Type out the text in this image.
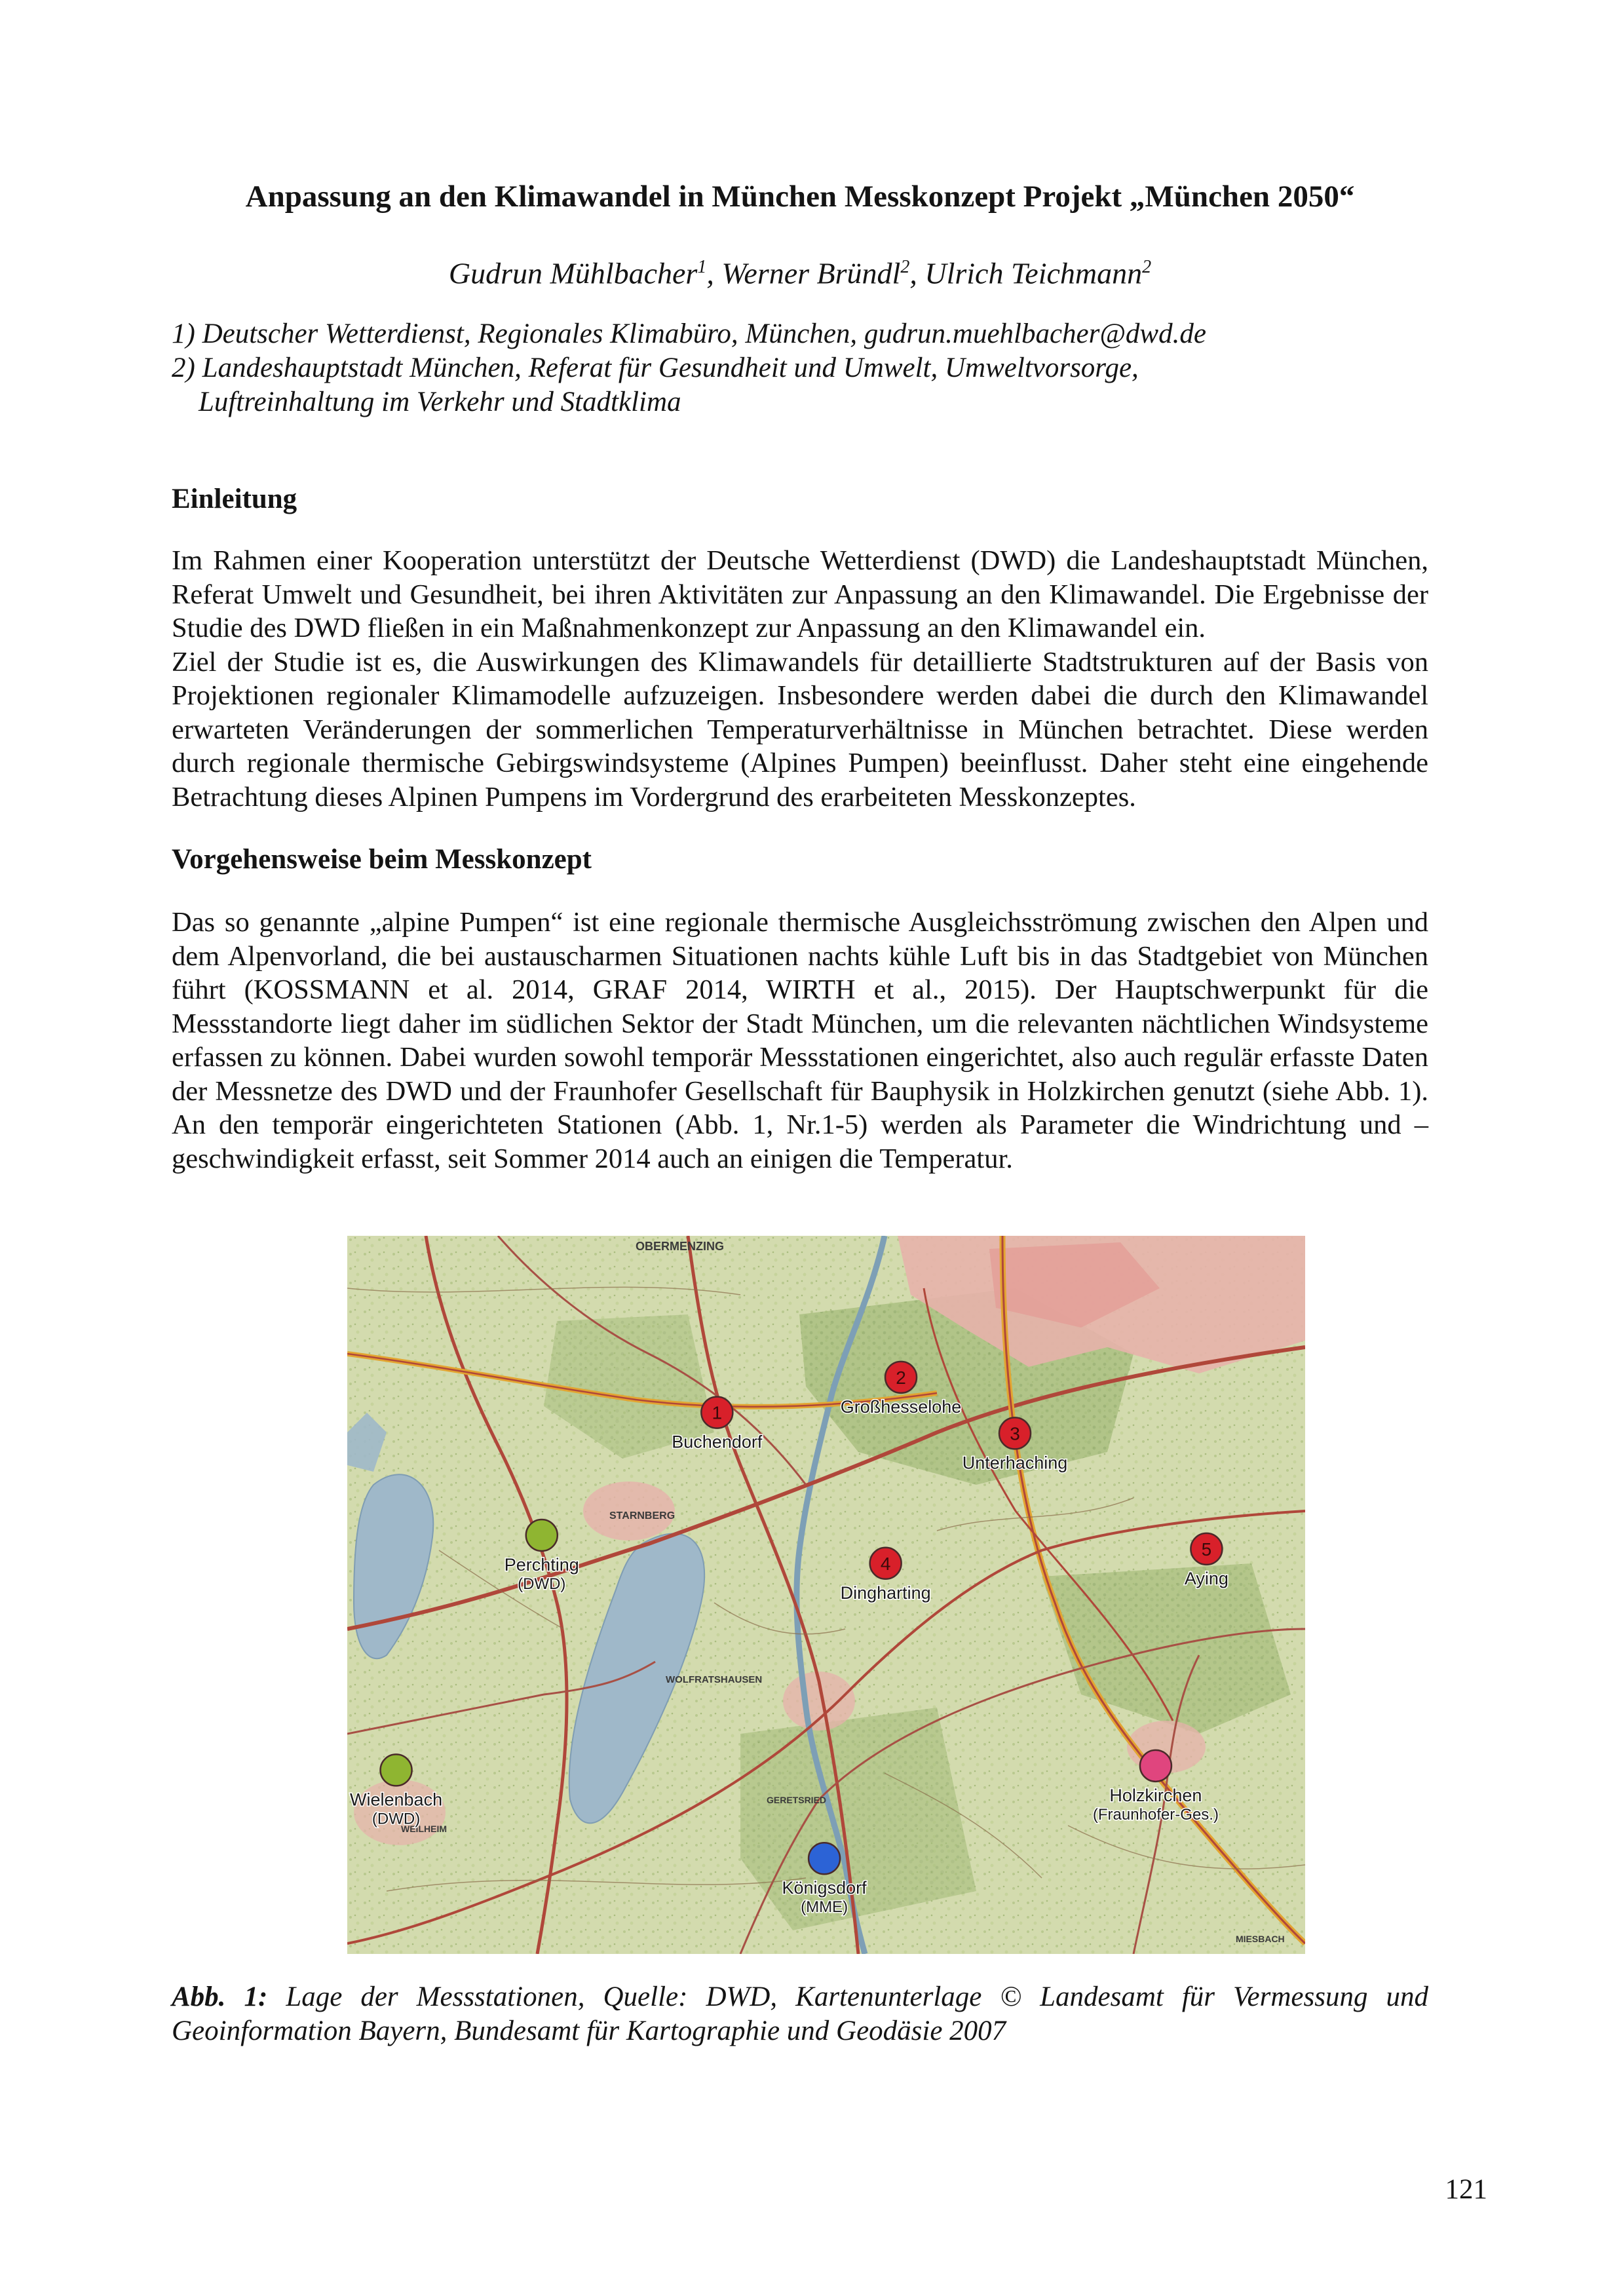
Anpassung an den Klimawandel in München Messkonzept Projekt „München 2050“
Gudrun Mühlbacher$^1$, Werner Bründl$^2$, Ulrich Teichmann$^2$
1) Deutscher Wetterdienst, Regionales Klimabüro, München, gudrun.muehlbacher@dwd.de
2) Landeshauptstadt München, Referat für Gesundheit und Umwelt, Umweltvorsorge,
Luftreinhaltung im Verkehr und Stadtklima
Einleitung

Im Rahmen einer Kooperation unterstützt der Deutsche Wetterdienst (DWD) die Landeshauptstadt München, Referat Umwelt und Gesundheit, bei ihren Aktivitäten zur Anpassung an den Klimawandel. Die Ergebnisse der Studie des DWD fließen in ein Maßnahmenkonzept zur Anpassung an den Klimawandel ein.

Ziel der Studie ist es, die Auswirkungen des Klimawandels für detaillierte Stadtstrukturen auf der Basis von Projektionen regionaler Klimamodelle aufzuzeigen. Insbesondere werden dabei die durch den Klimawandel erwarteten Veränderungen der sommerlichen Temperaturverhältnisse in München betrachtet. Diese werden durch regionale thermische Gebirgswindsysteme (Alpines Pumpen) beeinflusst. Daher steht eine eingehende Betrachtung dieses Alpinen Pumpens im Vordergrund des erarbeiteten Messkonzeptes.

Vorgehensweise beim Messkonzept

Das so genannte „alpine Pumpen“ ist eine regionale thermische Ausgleichsströmung zwischen den Alpen und dem Alpenvorland, die bei austauscharmen Situationen nachts kühle Luft bis in das Stadtgebiet von München führt (KOSSMANN et al. 2014, GRAF 2014, WIRTH et al., 2015). Der Hauptschwerpunkt für die Messstandorte liegt daher im südlichen Sektor der Stadt München, um die relevanten nächtlichen Windsysteme erfassen zu können. Dabei wurden sowohl temporär Messstationen eingerichtet, also auch regulär erfasste Daten der Messnetze des DWD und der Fraunhofer Gesellschaft für Bauphysik in Holzkirchen genutzt (siehe Abb. 1). An den temporär eingerichteten Stationen (Abb. 1, Nr.1-5) werden als Parameter die Windrichtung und –geschwindigkeit erfasst, seit Sommer 2014 auch an einigen die Temperatur.

OBERMENZING
STARNBERG
WOLFRATSHAUSEN
GERETSRIED
WEILHEIM
MIESBACH
1
Buchendorf
2
Großhesselohe
3
Unterhaching
4
Dingharting
5
Aying
Perchting
(DWD)
Wielenbach
(DWD)
Holzkirchen
(Fraunhofer-Ges.)
Königsdorf
(MME)
Abb. 1: Lage der Messstationen, Quelle: DWD, Kartenunterlage © Landesamt für Vermessung und Geoinformation Bayern, Bundesamt für Kartographie und Geodäsie 2007
121
